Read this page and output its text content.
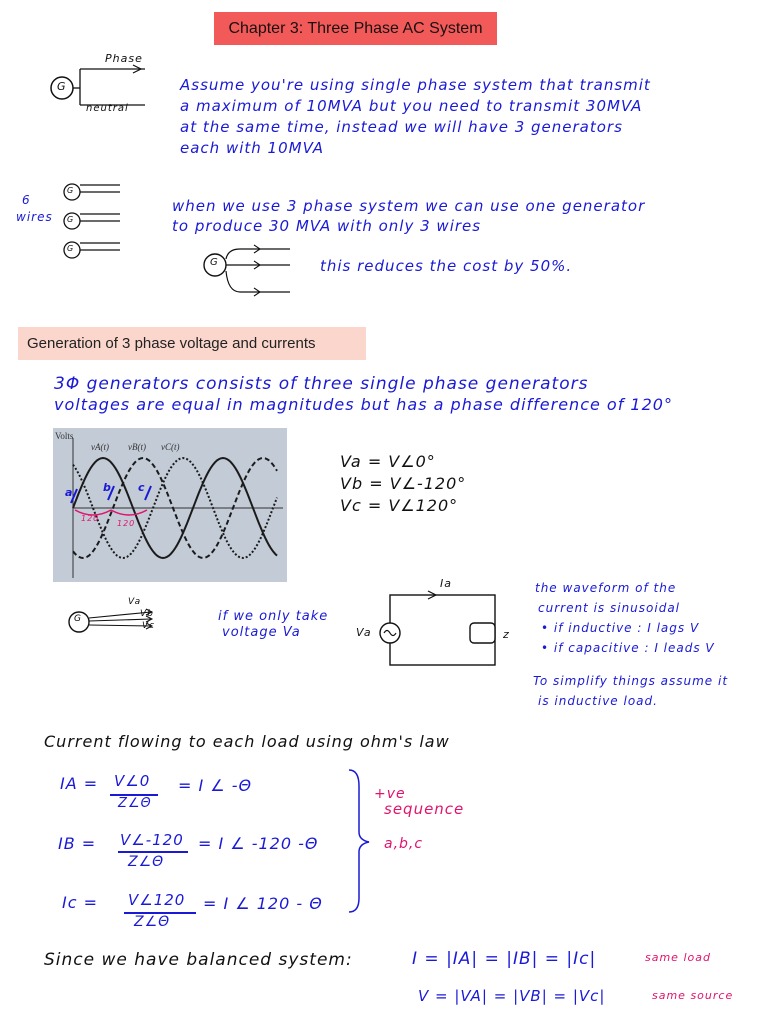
Chapter 3: Three Phase AC System
Generation of 3 phase voltage and currents
G
Phase
neutral
Assume you're using single phase system that transmit
a maximum of 10MVA but you need to transmit 30MVA
at the same time, instead we will have 3 generators
each with 10MVA
6
wires
G
G
G
when we use 3 phase system we can use one generator
to produce 30 MVA with only 3 wires
G	this reduces the cost by 50%.
3Φ generators consists of three single phase generators
voltages are equal in magnitudes but has a phase difference of 120°
Volts
vA(t) vB(t) vC(t)
a	b c
120
120
Va = V∠0°
Vb = V∠-120°
Vc = V∠120°
G
Va
Vb
Vc
if we only take
voltage Va
Ia
Va	z
the waveform of the
current is sinusoidal
• if inductive : I lags V
• if capacitive : I leads V
To simplify things assume it
is inductive load.
Current flowing to each load using ohm's law
IA = V∠0
Z∠Θ
= I ∠ -Θ
IB = V∠-120
Z∠Θ
= I ∠ -120 -Θ
Ic = V∠120
Z∠Θ
= I ∠ 120 - Θ
+ve
sequence
a,b,c
Since we have balanced system:	I = |IA| = |IB| = |Ic|	same load
V = |VA| = |VB| = |Vc|	same source
